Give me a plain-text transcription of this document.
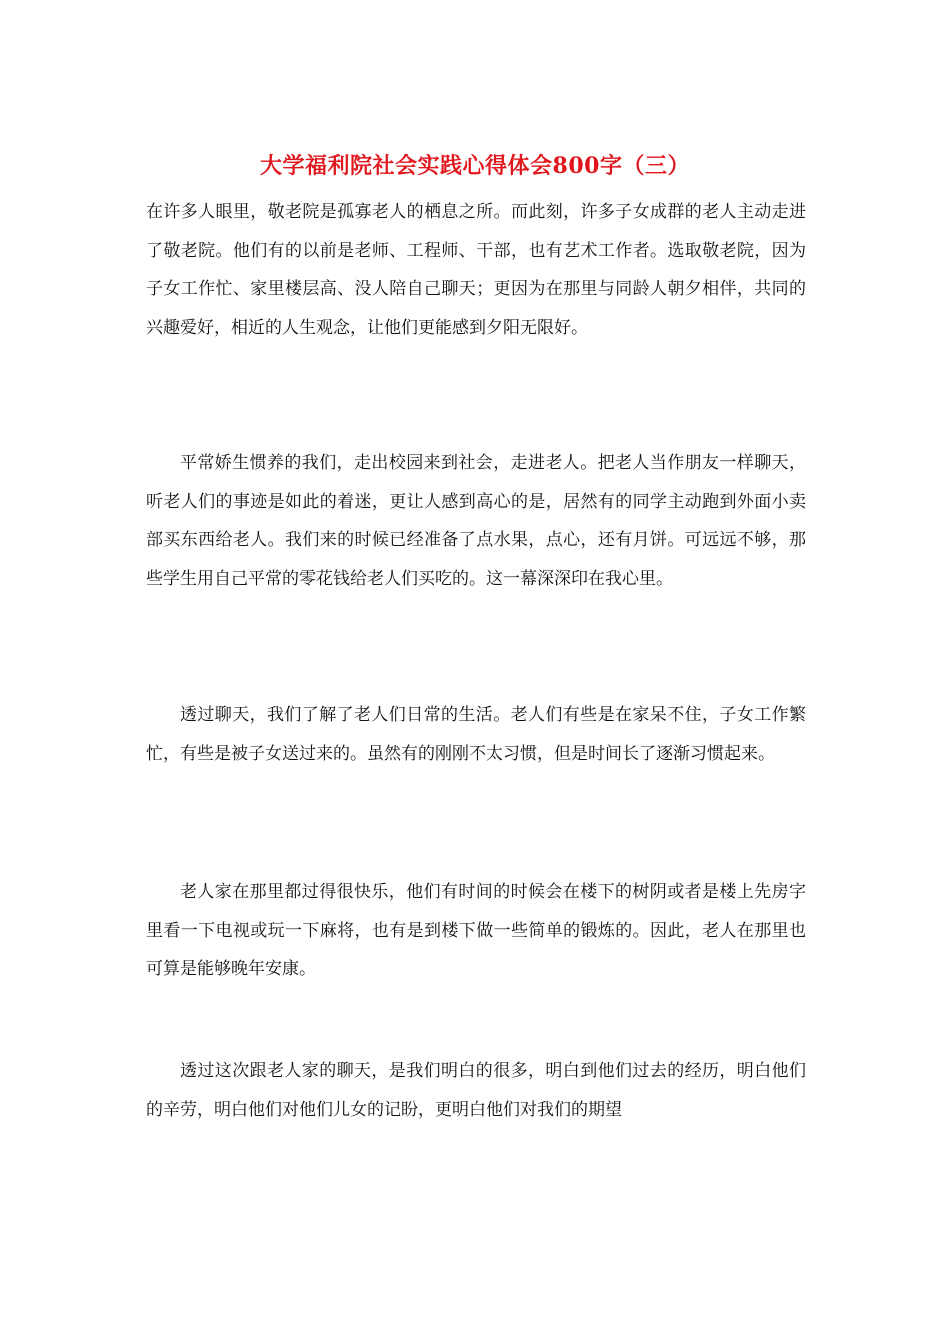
大学福利院社会实践心得体会800字（三）

在许多人眼里，敬老院是孤寡老人的栖息之所。而此刻，许多子女成群的老人主动走进了敬老院。他们有的以前是老师、工程师、干部，也有艺术工作者。选取敬老院，因为子女工作忙、家里楼层高、没人陪自己聊天；更因为在那里与同龄人朝夕相伴，共同的兴趣爱好，相近的人生观念，让他们更能感到夕阳无限好。

平常娇生惯养的我们，走出校园来到社会，走进老人。把老人当作朋友一样聊天，听老人们的事迹是如此的着迷，更让人感到高心的是，居然有的同学主动跑到外面小卖部买东西给老人。我们来的时候已经准备了点水果，点心，还有月饼。可远远不够，那些学生用自己平常的零花钱给老人们买吃的。这一幕深深印在我心里。

透过聊天，我们了解了老人们日常的生活。老人们有些是在家呆不住，子女工作繁忙，有些是被子女送过来的。虽然有的刚刚不太习惯，但是时间长了逐渐习惯起来。

老人家在那里都过得很快乐，他们有时间的时候会在楼下的树阴或者是楼上先房字里看一下电视或玩一下麻将，也有是到楼下做一些简单的锻炼的。因此，老人在那里也可算是能够晚年安康。

透过这次跟老人家的聊天，是我们明白的很多，明白到他们过去的经历，明白他们的辛劳，明白他们对他们儿女的记盼，更明白他们对我们的期望
